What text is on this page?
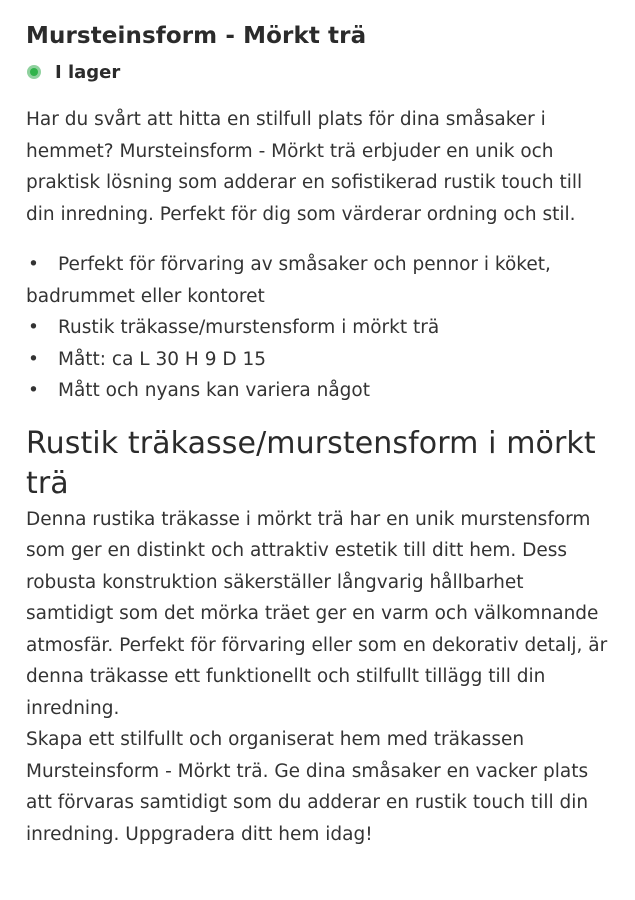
Mursteinsform - Mörkt trä
I lager

Har du svårt att hitta en stilfull plats för dina småsaker i hemmet? Mursteinsform - Mörkt trä erbjuder en unik och praktisk lösning som adderar en sofistikerad rustik touch till din inredning. Perfekt för dig som värderar ordning och stil.

• Perfekt för förvaring av småsaker och pennor i köket, badrummet eller kontoret
• Rustik träkasse/murstensform i mörkt trä
• Mått: ca L 30 H 9 D 15
• Mått och nyans kan variera något
Rustik träkasse/murstensform i mörkt trä

Denna rustika träkasse i mörkt trä har en unik murstensform som ger en distinkt och attraktiv estetik till ditt hem. Dess robusta konstruktion säkerställer långvarig hållbarhet samtidigt som det mörka träet ger en varm och välkomnande atmosfär. Perfekt för förvaring eller som en dekorativ detalj, är denna träkasse ett funktionellt och stilfullt tillägg till din inredning.

Skapa ett stilfullt och organiserat hem med träkassen Mursteinsform - Mörkt trä. Ge dina småsaker en vacker plats att förvaras samtidigt som du adderar en rustik touch till din inredning. Uppgradera ditt hem idag!
